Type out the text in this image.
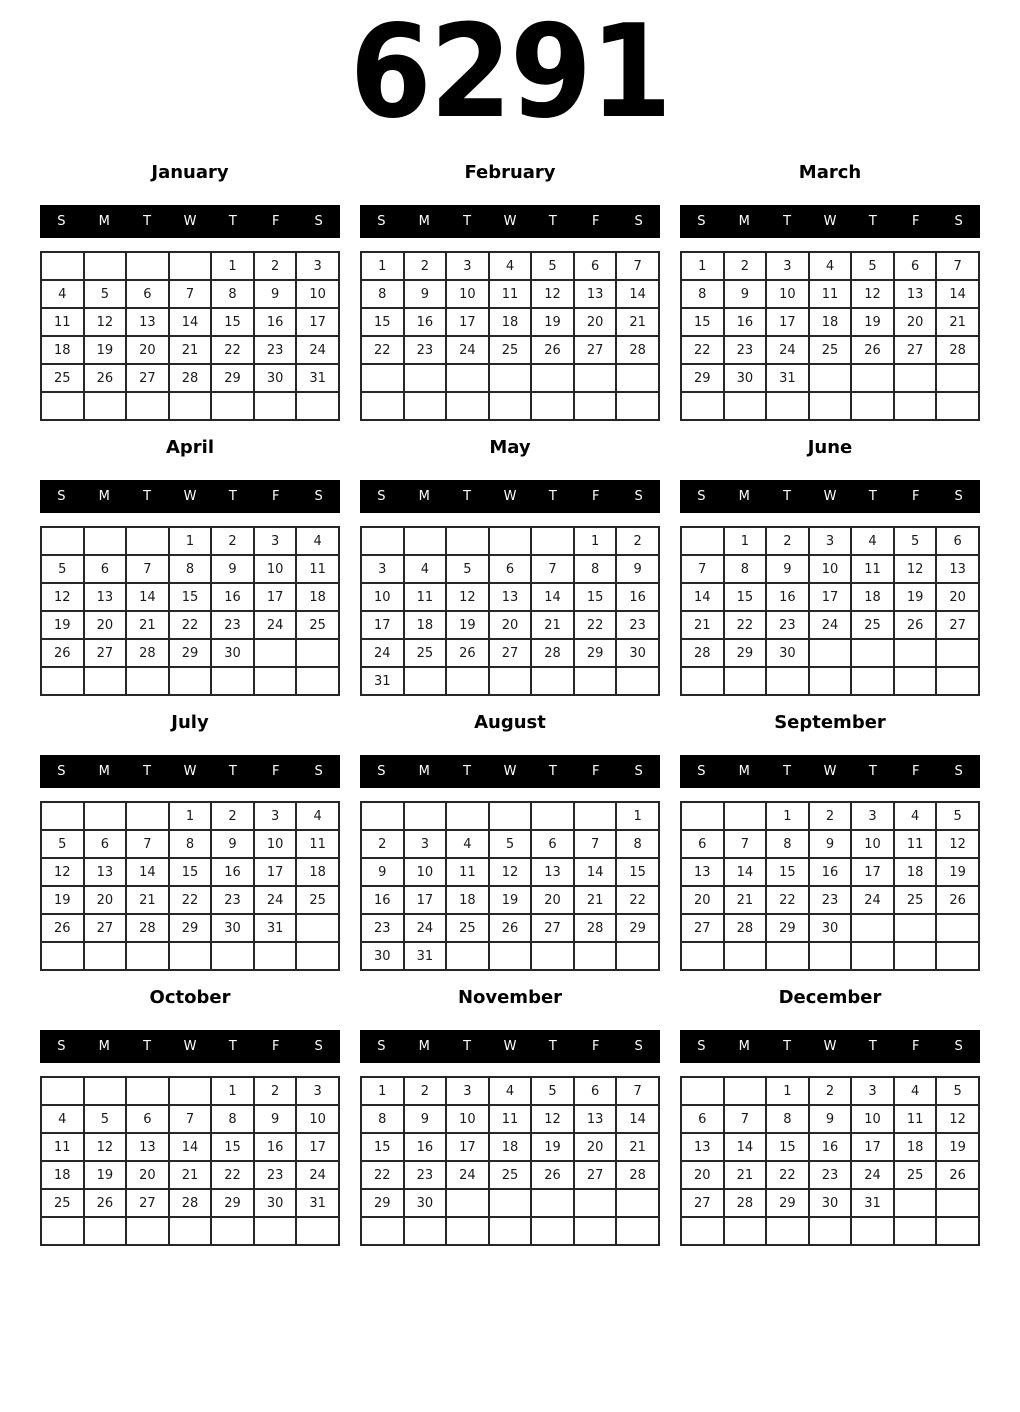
6291
January
S	M	T	W	T	F	S
				1	2	3
4	5	6	7	8	9	10
11	12	13	14	15	16	17
18	19	20	21	22	23	24
25	26	27	28	29	30	31

February
S	M	T	W	T	F	S
1	2	3	4	5	6	7
8	9	10	11	12	13	14
15	16	17	18	19	20	21
22	23	24	25	26	27	28

March
S	M	T	W	T	F	S
1	2	3	4	5	6	7
8	9	10	11	12	13	14
15	16	17	18	19	20	21
22	23	24	25	26	27	28
29	30	31				

April
S	M	T	W	T	F	S
			1	2	3	4
5	6	7	8	9	10	11
12	13	14	15	16	17	18
19	20	21	22	23	24	25
26	27	28	29	30		

May
S	M	T	W	T	F	S
					1	2
3	4	5	6	7	8	9
10	11	12	13	14	15	16
17	18	19	20	21	22	23
24	25	26	27	28	29	30
31						
June
S	M	T	W	T	F	S
	1	2	3	4	5	6
7	8	9	10	11	12	13
14	15	16	17	18	19	20
21	22	23	24	25	26	27
28	29	30				

July
S	M	T	W	T	F	S
			1	2	3	4
5	6	7	8	9	10	11
12	13	14	15	16	17	18
19	20	21	22	23	24	25
26	27	28	29	30	31	

August
S	M	T	W	T	F	S
						1
2	3	4	5	6	7	8
9	10	11	12	13	14	15
16	17	18	19	20	21	22
23	24	25	26	27	28	29
30	31					
September
S	M	T	W	T	F	S
		1	2	3	4	5
6	7	8	9	10	11	12
13	14	15	16	17	18	19
20	21	22	23	24	25	26
27	28	29	30			

October
S	M	T	W	T	F	S
				1	2	3
4	5	6	7	8	9	10
11	12	13	14	15	16	17
18	19	20	21	22	23	24
25	26	27	28	29	30	31

November
S	M	T	W	T	F	S
1	2	3	4	5	6	7
8	9	10	11	12	13	14
15	16	17	18	19	20	21
22	23	24	25	26	27	28
29	30					

December
S	M	T	W	T	F	S
		1	2	3	4	5
6	7	8	9	10	11	12
13	14	15	16	17	18	19
20	21	22	23	24	25	26
27	28	29	30	31		
